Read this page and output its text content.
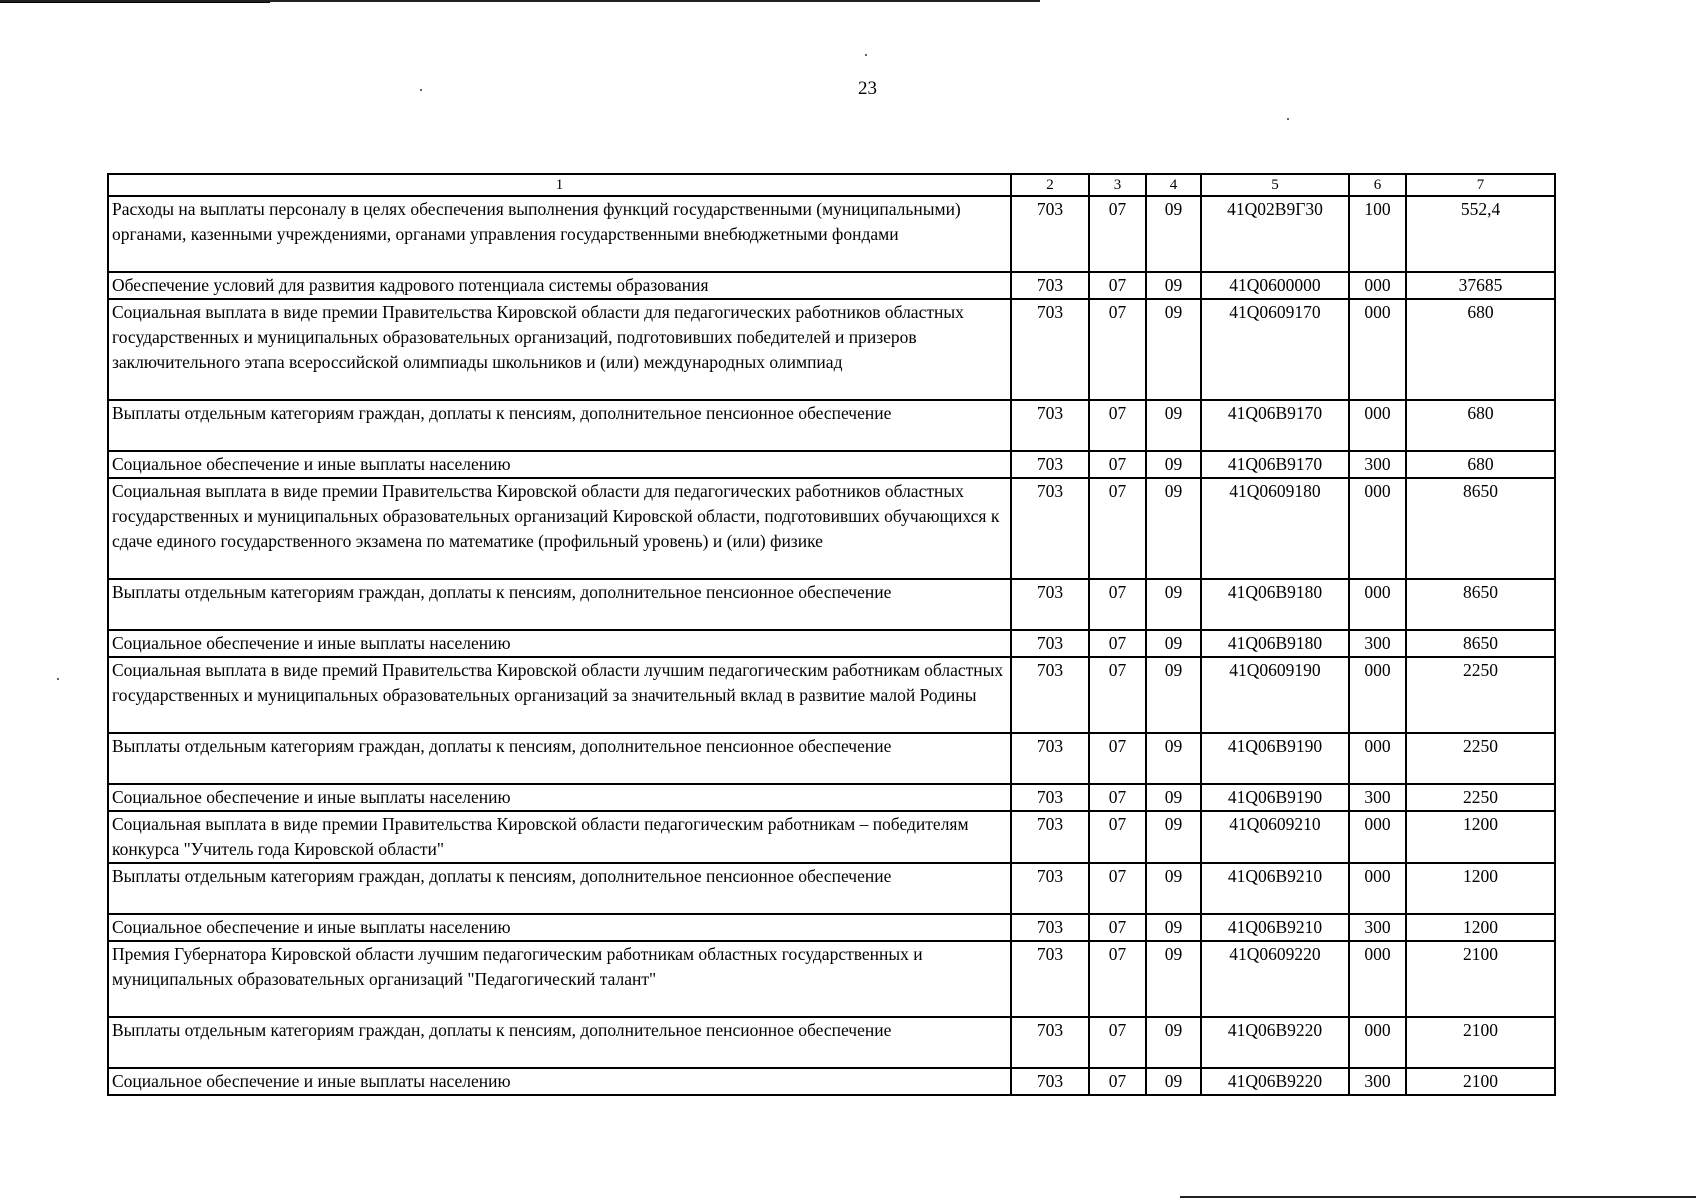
23
1	2	3	4	5	6	7
Расходы на выплаты персоналу в целях обеспечения выполнения функций государственными (муниципальными) органами, казенными учреждениями, органами управления государственными внебюджетными фондами	703	07	09	41Q02B9Г30	100	552,4
Обеспечение условий для развития кадрового потенциала системы образования	703	07	09	41Q0600000	000	37685
Социальная выплата в виде премии Правительства Кировской области для педагогических работников областных государственных и муниципальных образовательных организаций, подготовивших победителей и призеров заключительного этапа всероссийской олимпиады школьников и (или) международных олимпиад	703	07	09	41Q0609170	000	680
Выплаты отдельным категориям граждан, доплаты к пенсиям, дополнительное пенсионное обеспечение	703	07	09	41Q06B9170	000	680
Социальное обеспечение и иные выплаты населению	703	07	09	41Q06B9170	300	680
Социальная выплата в виде премии Правительства Кировской области для педагогических работников областных государственных и муниципальных образовательных организаций Кировской области, подготовивших обучающихся к сдаче единого государственного экзамена по математике (профильный уровень) и (или) физике	703	07	09	41Q0609180	000	8650
Выплаты отдельным категориям граждан, доплаты к пенсиям, дополнительное пенсионное обеспечение	703	07	09	41Q06B9180	000	8650
Социальное обеспечение и иные выплаты населению	703	07	09	41Q06B9180	300	8650
Социальная выплата в виде премий Правительства Кировской области лучшим педагогическим работникам областных государственных и муниципальных образовательных организаций за значительный вклад в развитие малой Родины	703	07	09	41Q0609190	000	2250
Выплаты отдельным категориям граждан, доплаты к пенсиям, дополнительное пенсионное обеспечение	703	07	09	41Q06B9190	000	2250
Социальное обеспечение и иные выплаты населению	703	07	09	41Q06B9190	300	2250
Социальная выплата в виде премии Правительства Кировской области педагогическим работникам – победителям конкурса "Учитель года Кировской области"	703	07	09	41Q0609210	000	1200
Выплаты отдельным категориям граждан, доплаты к пенсиям, дополнительное пенсионное обеспечение	703	07	09	41Q06B9210	000	1200
Социальное обеспечение и иные выплаты населению	703	07	09	41Q06B9210	300	1200
Премия Губернатора Кировской области лучшим педагогическим работникам областных государственных и муниципальных образовательных организаций "Педагогический талант"	703	07	09	41Q0609220	000	2100
Выплаты отдельным категориям граждан, доплаты к пенсиям, дополнительное пенсионное обеспечение	703	07	09	41Q06B9220	000	2100
Социальное обеспечение и иные выплаты населению	703	07	09	41Q06B9220	300	2100
